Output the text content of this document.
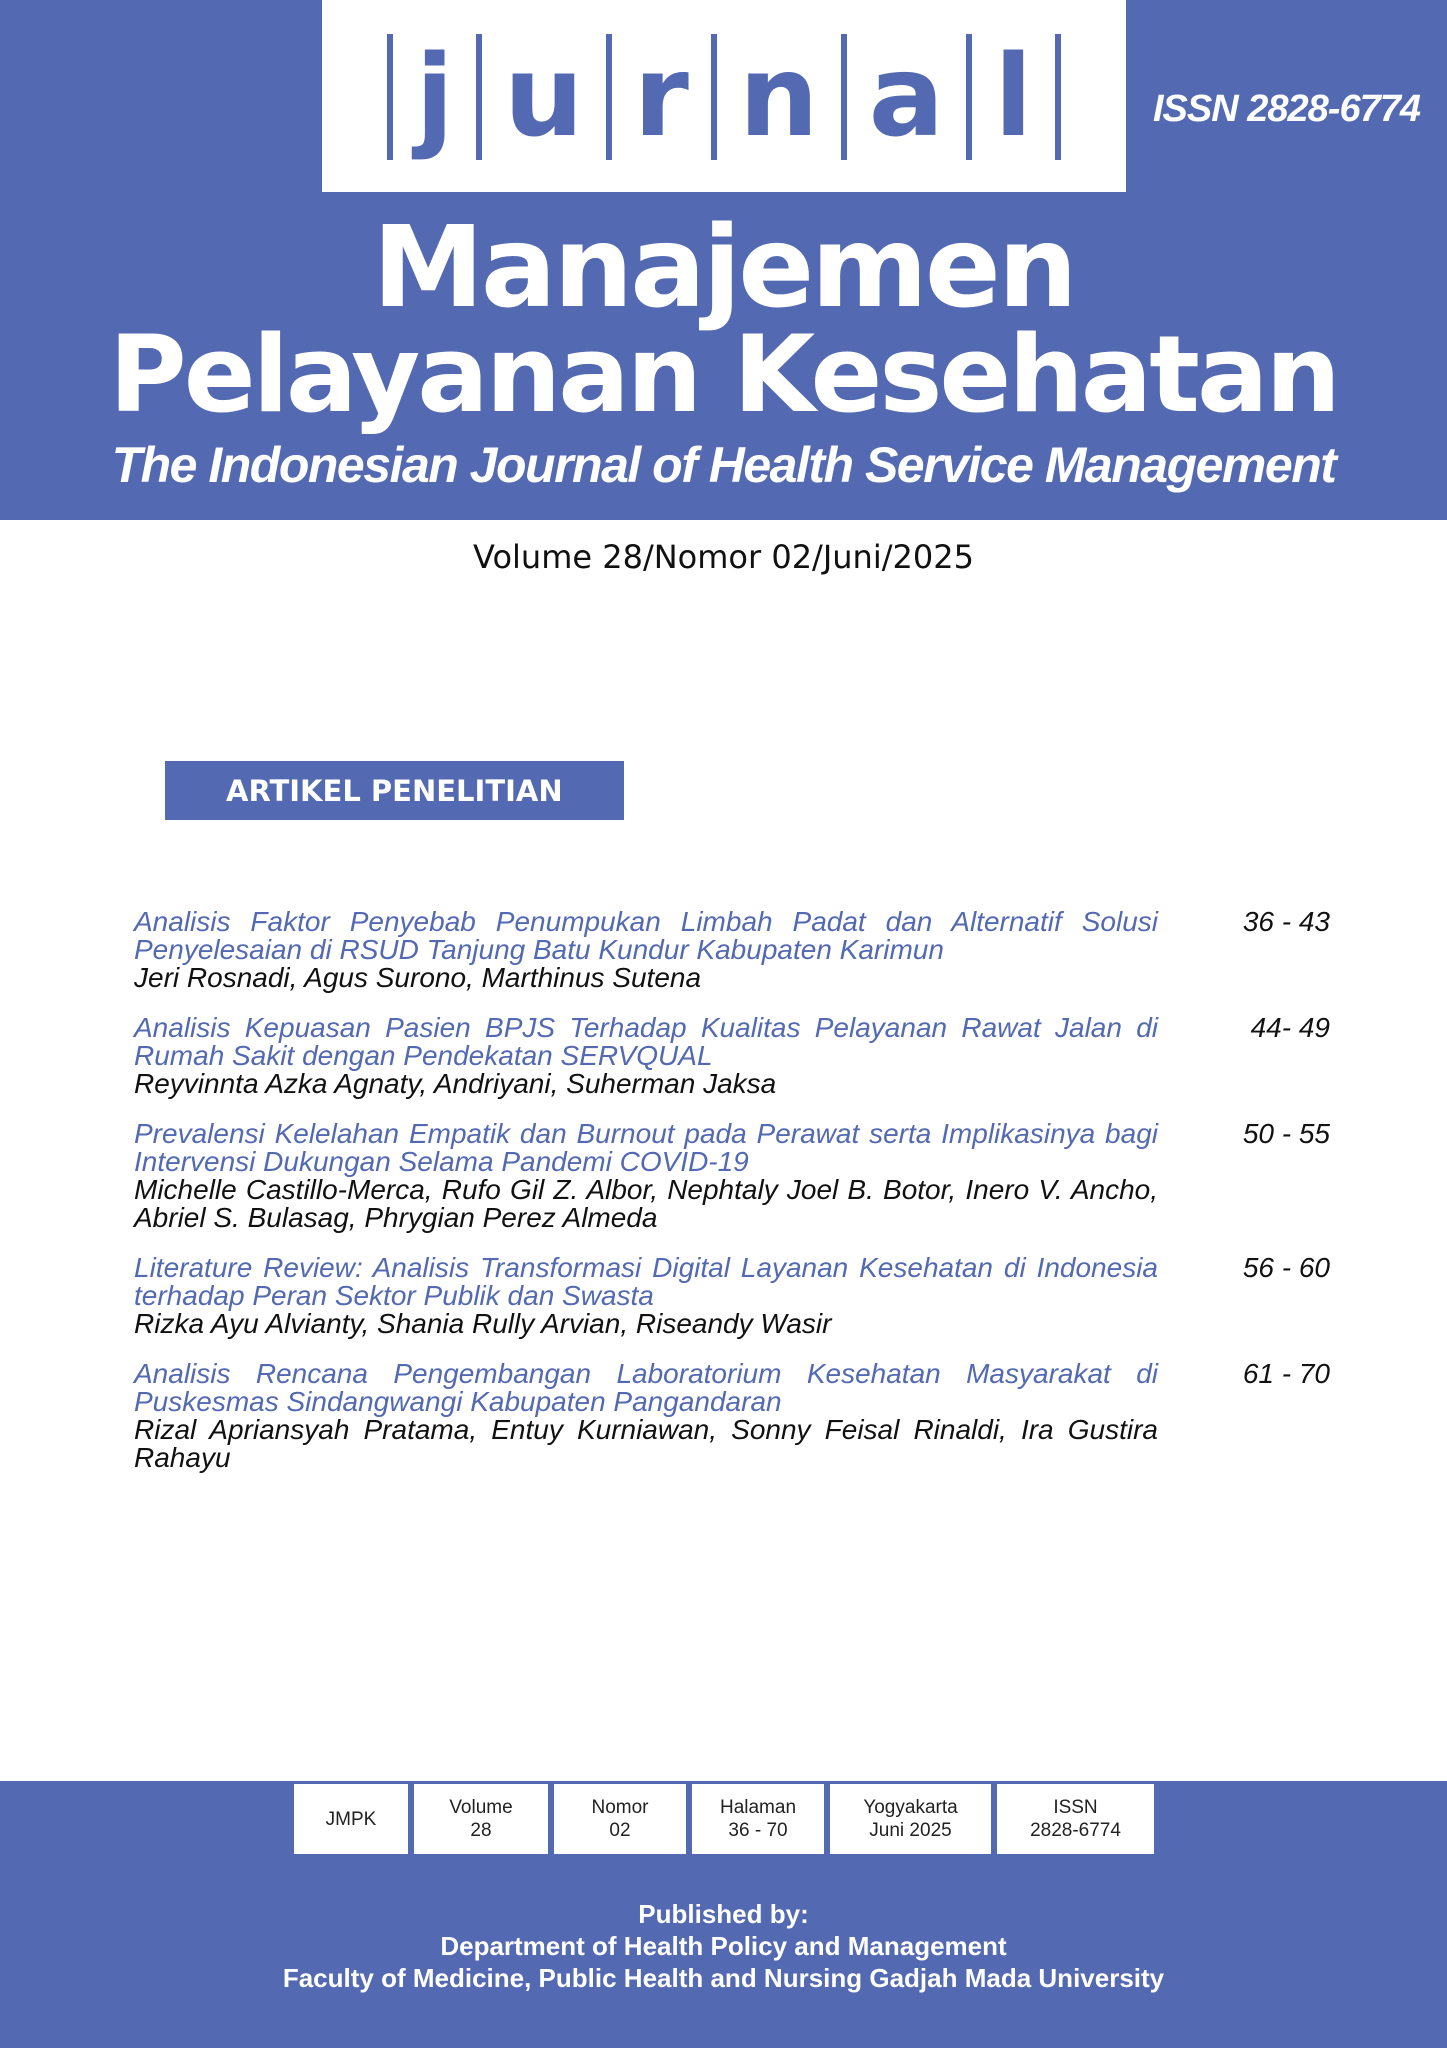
j u r n a l	ISSN 2828-6774
Manajemen
Pelayanan Kesehatan
The Indonesian Journal of Health Service Management
Volume 28/Nomor 02/Juni/2025
ARTIKEL PENELITIAN
Analisis Faktor Penyebab Penumpukan Limbah Padat dan Alternatif Solusi Penyelesaian di RSUD Tanjung Batu Kundur Kabupaten Karimun
Jeri Rosnadi, Agus Surono, Marthinus Sutena
36 - 43
Analisis Kepuasan Pasien BPJS Terhadap Kualitas Pelayanan Rawat Jalan di Rumah Sakit dengan Pendekatan SERVQUAL
Reyvinnta Azka Agnaty, Andriyani, Suherman Jaksa
44- 49
Prevalensi Kelelahan Empatik dan Burnout pada Perawat serta Implikasinya bagi Intervensi Dukungan Selama Pandemi COVID-19
Michelle Castillo-Merca, Rufo Gil Z. Albor, Nephtaly Joel B. Botor, Inero V. Ancho, Abriel S. Bulasag, Phrygian Perez Almeda
50 - 55
Literature Review: Analisis Transformasi Digital Layanan Kesehatan di Indonesia terhadap Peran Sektor Publik dan Swasta
Rizka Ayu Alvianty, Shania Rully Arvian, Riseandy Wasir
56 - 60
Analisis Rencana Pengembangan Laboratorium Kesehatan Masyarakat di Puskesmas Sindangwangi Kabupaten Pangandaran
Rizal Apriansyah Pratama, Entuy Kurniawan, Sonny Feisal Rinaldi, Ira Gustira Rahayu
61 - 70
JMPK
Volume
28
Nomor
02
Halaman
36 - 70
Yogyakarta
Juni 2025
ISSN
2828-6774
Published by:
Department of Health Policy and Management
Faculty of Medicine, Public Health and Nursing Gadjah Mada University
